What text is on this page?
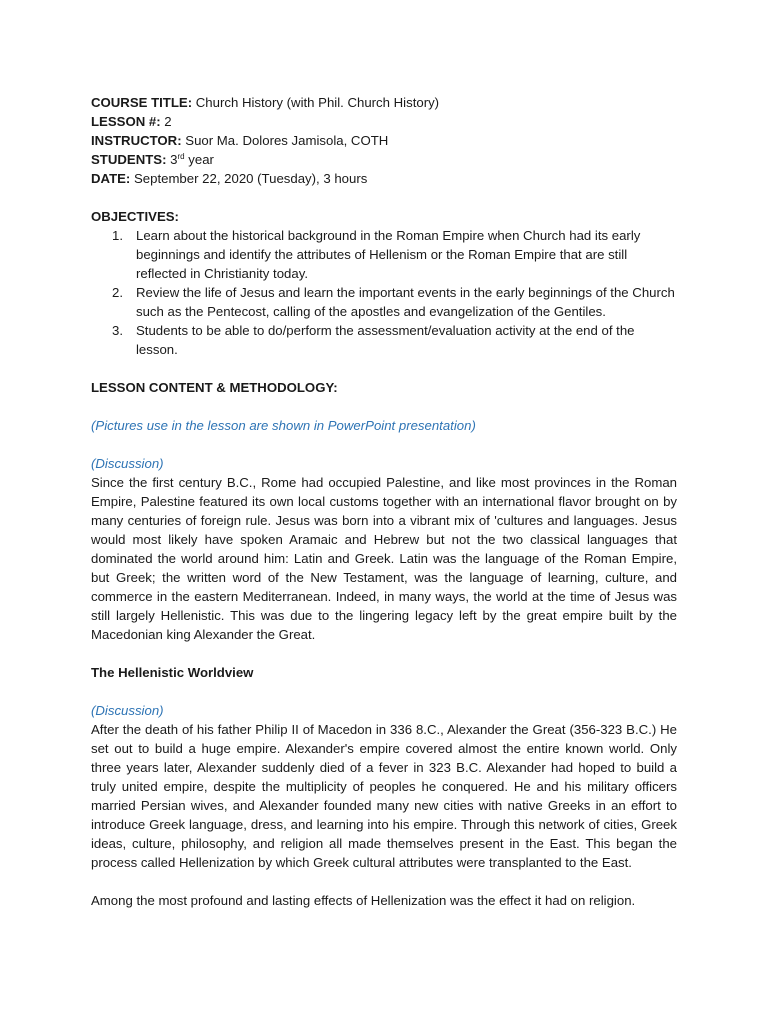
COURSE TITLE: Church History (with Phil. Church History)
LESSON #: 2
INSTRUCTOR: Suor Ma. Dolores Jamisola, COTH
STUDENTS: 3rd year
DATE: September 22, 2020 (Tuesday), 3 hours
OBJECTIVES:
1. Learn about the historical background in the Roman Empire when Church had its early beginnings and identify the attributes of Hellenism or the Roman Empire that are still reflected in Christianity today.
2. Review the life of Jesus and learn the important events in the early beginnings of the Church such as the Pentecost, calling of the apostles and evangelization of the Gentiles.
3. Students to be able to do/perform the assessment/evaluation activity at the end of the lesson.
LESSON CONTENT & METHODOLOGY:
(Pictures use in the lesson are shown in PowerPoint presentation)
(Discussion)
Since the first century B.C., Rome had occupied Palestine, and like most provinces in the Roman Empire, Palestine featured its own local customs together with an international flavor brought on by many centuries of foreign rule. Jesus was born into a vibrant mix of 'cultures and languages. Jesus would most likely have spoken Aramaic and Hebrew but not the two classical languages that dominated the world around him: Latin and Greek. Latin was the language of the Roman Empire, but Greek; the written word of the New Testament, was the language of learning, culture, and commerce in the eastern Mediterranean. Indeed, in many ways, the world at the time of Jesus was still largely Hellenistic. This was due to the lingering legacy left by the great empire built by the Macedonian king Alexander the Great.
The Hellenistic Worldview
(Discussion)
After the death of his father Philip II of Macedon in 336 8.C., Alexander the Great (356-323 B.C.) He set out to build a huge empire. Alexander's empire covered almost the entire known world. Only three years later, Alexander suddenly died of a fever in 323 B.C. Alexander had hoped to build a truly united empire, despite the multiplicity of peoples he conquered. He and his military officers married Persian wives, and Alexander founded many new cities with native Greeks in an effort to introduce Greek language, dress, and learning into his empire. Through this network of cities, Greek ideas, culture, philosophy, and religion all made themselves present in the East. This began the process called Hellenization by which Greek cultural attributes were transplanted to the East.
Among the most profound and lasting effects of Hellenization was the effect it had on religion.
